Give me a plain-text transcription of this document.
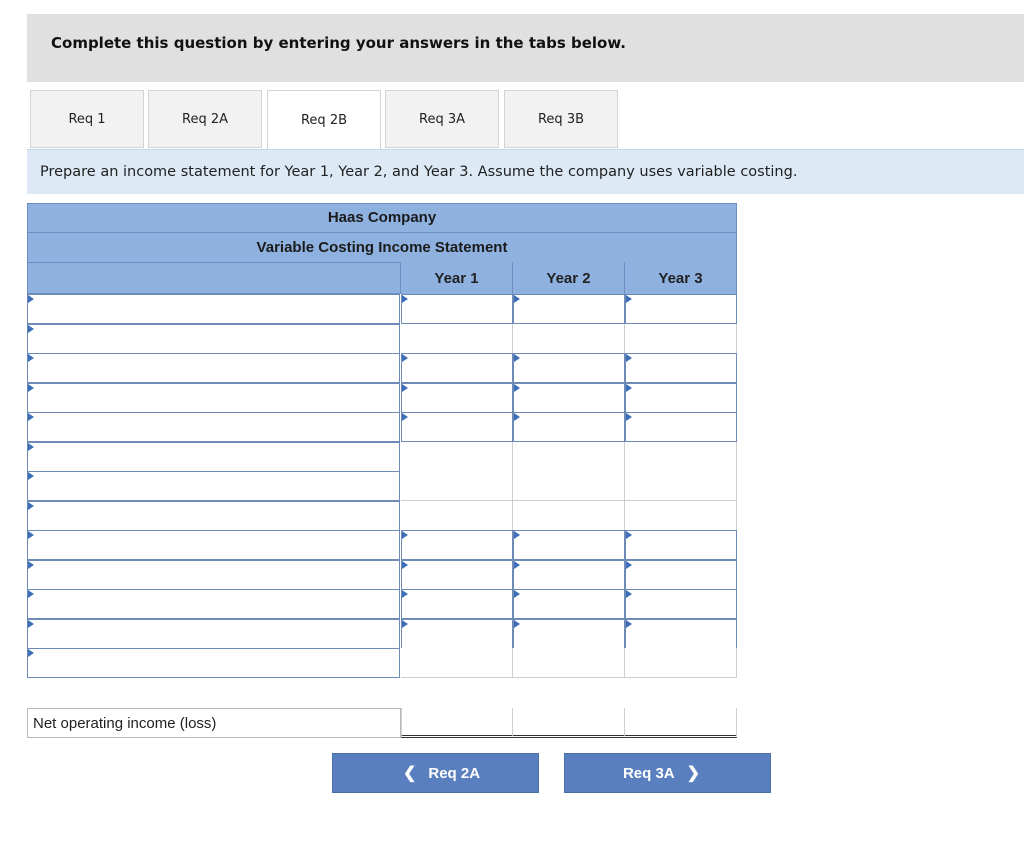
Complete this question by entering your answers in the tabs below.
Req 1	Req 2A	Req 2B	Req 3A	Req 3B
Prepare an income statement for Year 1, Year 2, and Year 3. Assume the company uses variable costing.
Haas Company
Variable Costing Income Statement
Year 1	Year 2	Year 3
Net operating income (loss)
❮ Req 2A	Req 3A ❯
